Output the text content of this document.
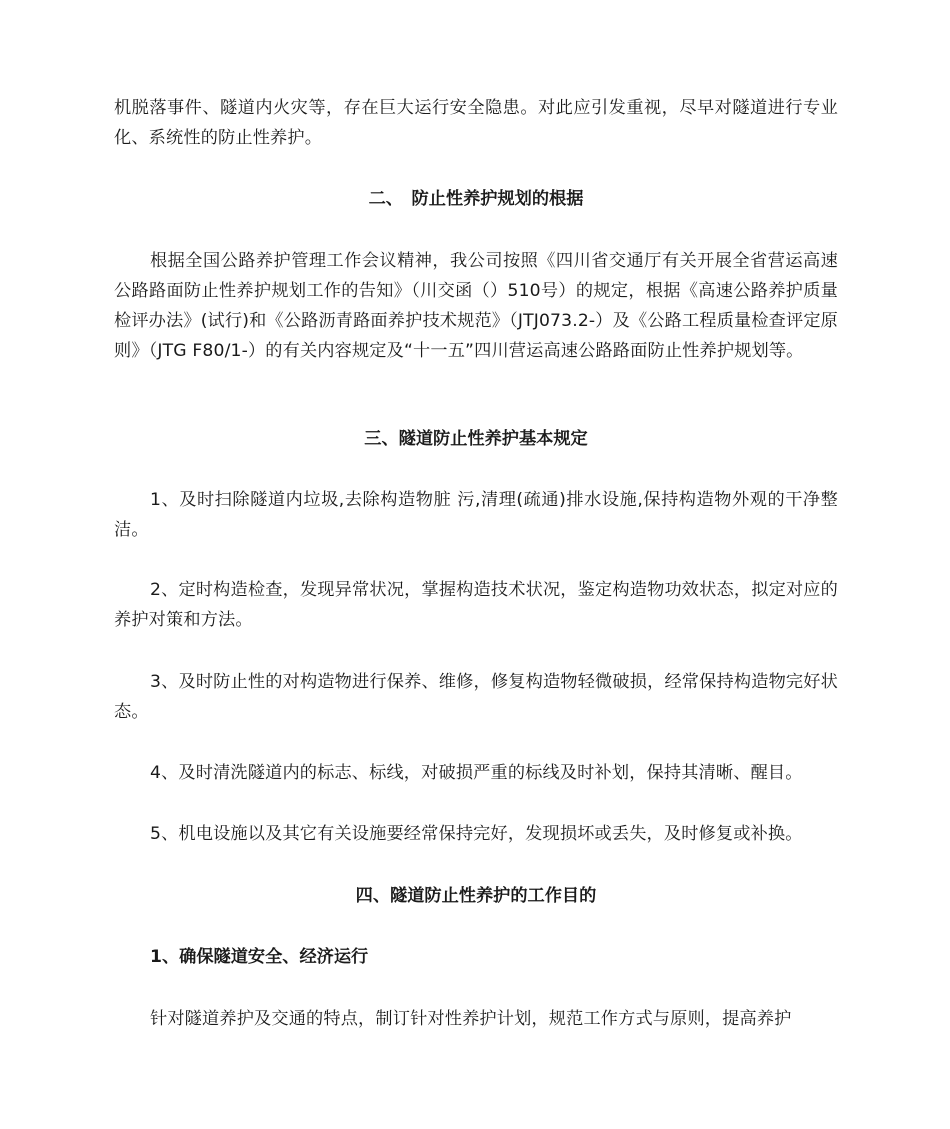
机脱落事件、隧道内火灾等，存在巨大运行安全隐患。对此应引发重视，尽早对隧道进行专业化、系统性的防止性养护。

二、　防止性养护规划的根据

根据全国公路养护管理工作会议精神，我公司按照《四川省交通厅有关开展全省营运高速公路路面防止性养护规划工作的告知》（川交函（）510号）的规定，根据《高速公路养护质量检评办法》(试行)和《公路沥青路面养护技术规范》（JTJ073.2-）及《公路工程质量检查评定原则》（JTG F80/1-）的有关内容规定及“十一五”四川营运高速公路路面防止性养护规划等。

三、隧道防止性养护基本规定

1、及时扫除隧道内垃圾,去除构造物脏 污,清理(疏通)排水设施,保持构造物外观的干净整洁。

2、定时构造检查，发现异常状况，掌握构造技术状况，鉴定构造物功效状态，拟定对应的养护对策和方法。

3、及时防止性的对构造物进行保养、维修，修复构造物轻微破损，经常保持构造物完好状态。

4、及时清洗隧道内的标志、标线，对破损严重的标线及时补划，保持其清晰、醒目。

5、机电设施以及其它有关设施要经常保持完好，发现损坏或丢失，及时修复或补换。

四、隧道防止性养护的工作目的
1、确保隧道安全、经济运行

针对隧道养护及交通的特点，制订针对性养护计划，规范工作方式与原则，提高养护
